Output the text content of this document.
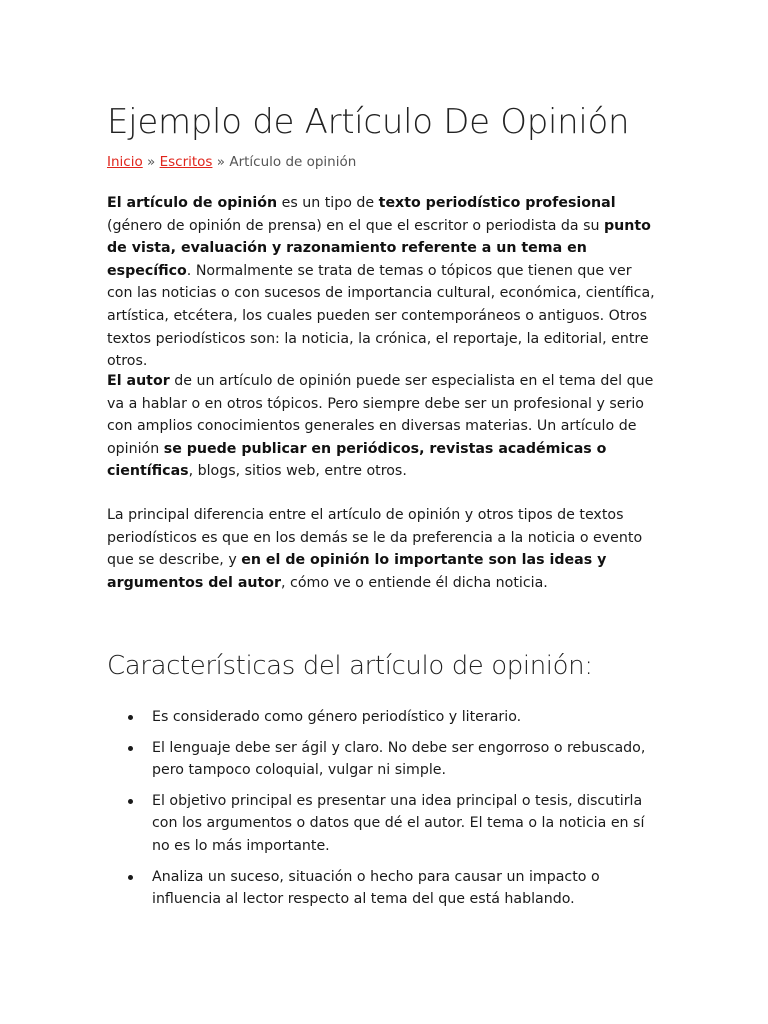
Ejemplo de Artículo De Opinión
Inicio » Escritos » Artículo de opinión

El artículo de opinión es un tipo de texto periodístico profesional (género de opinión de prensa) en el que el escritor o periodista da su punto de vista, evaluación y razonamiento referente a un tema en específico. Normalmente se trata de temas o tópicos que tienen que ver con las noticias o con sucesos de importancia cultural, económica, científica, artística, etcétera, los cuales pueden ser contemporáneos o antiguos. Otros textos periodísticos son: la noticia, la crónica, el reportaje, la editorial, entre otros.

El autor de un artículo de opinión puede ser especialista en el tema del que va a hablar o en otros tópicos. Pero siempre debe ser un profesional y serio con amplios conocimientos generales en diversas materias. Un artículo de opinión se puede publicar en periódicos, revistas académicas o científicas, blogs, sitios web, entre otros.

La principal diferencia entre el artículo de opinión y otros tipos de textos periodísticos es que en los demás se le da preferencia a la noticia o evento que se describe, y en el de opinión lo importante son las ideas y argumentos del autor, cómo ve o entiende él dicha noticia.

Características del artículo de opinión:
Es considerado como género periodístico y literario.
El lenguaje debe ser ágil y claro. No debe ser engorroso o rebuscado, pero tampoco coloquial, vulgar ni simple.
El objetivo principal es presentar una idea principal o tesis, discutirla con los argumentos o datos que dé el autor. El tema o la noticia en sí no es lo más importante.
Analiza un suceso, situación o hecho para causar un impacto o influencia al lector respecto al tema del que está hablando.
